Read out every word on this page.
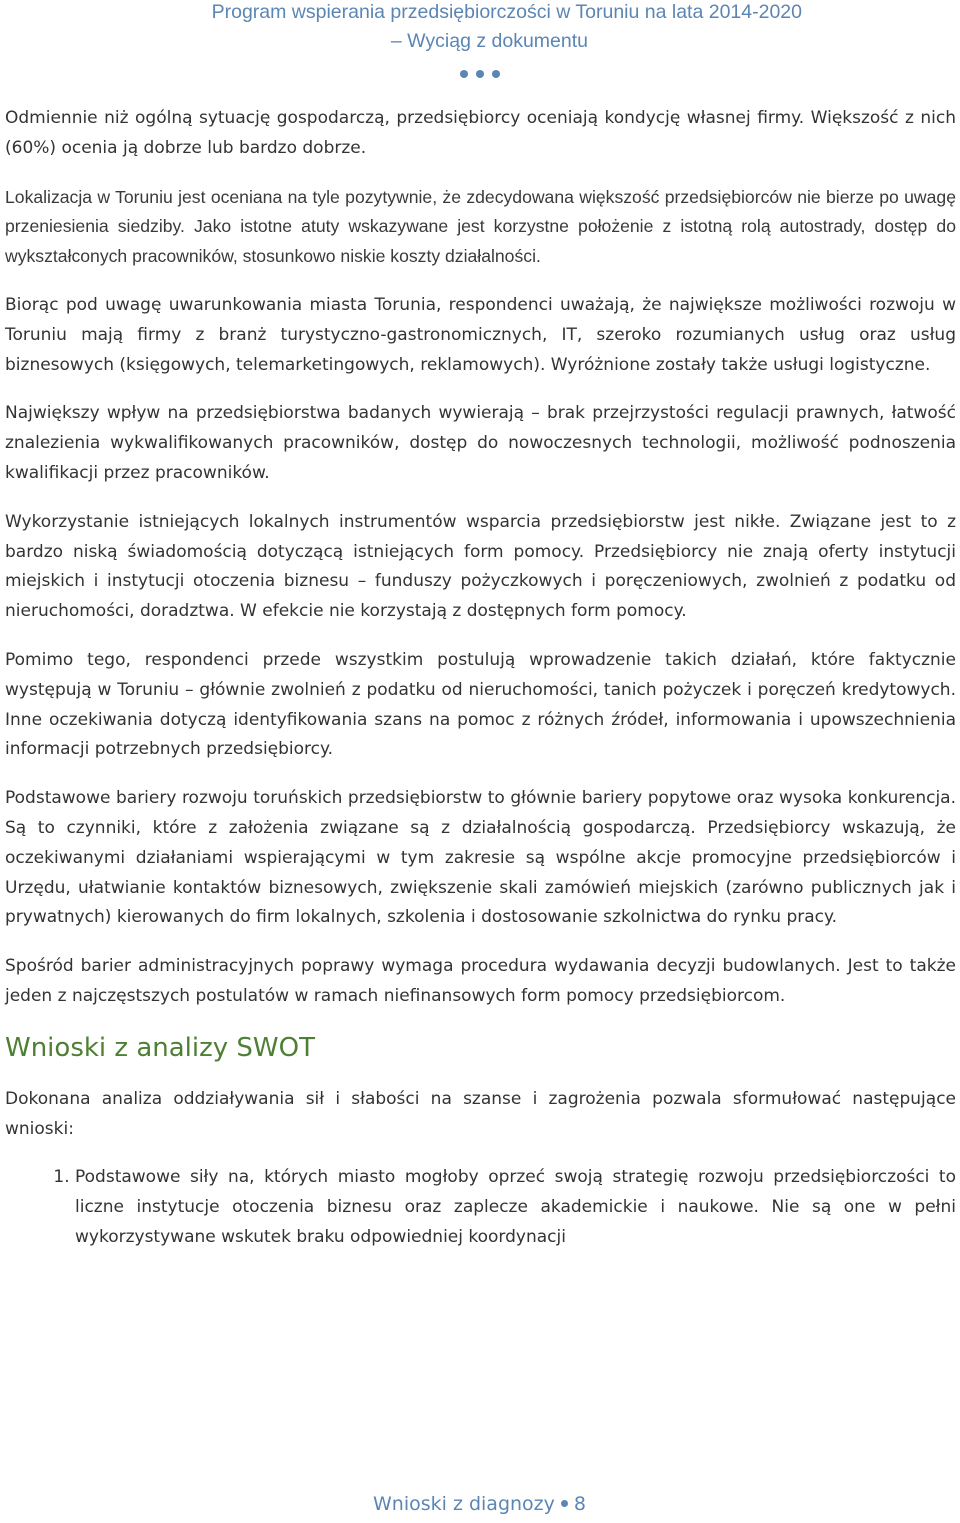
Program wspierania przedsiębiorczości w Toruniu na lata 2014-2020
– Wyciąg z dokumentu

Odmiennie niż ogólną sytuację gospodarczą, przedsiębiorcy oceniają kondycję własnej firmy. Większość z nich (60%) ocenia ją dobrze lub bardzo dobrze.

Lokalizacja w Toruniu jest oceniana na tyle pozytywnie, że zdecydowana większość przedsiębiorców nie bierze po uwagę przeniesienia siedziby. Jako istotne atuty wskazywane jest korzystne położenie z istotną rolą autostrady, dostęp do wykształconych pracowników, stosunkowo niskie koszty działalności.

Biorąc pod uwagę uwarunkowania miasta Torunia, respondenci uważają, że największe możliwości rozwoju w Toruniu mają firmy z branż turystyczno-gastronomicznych, IT, szeroko rozumianych usług oraz usług biznesowych (księgowych, telemarketingowych, reklamowych). Wyróżnione zostały także usługi logistyczne.

Największy wpływ na przedsiębiorstwa badanych wywierają – brak przejrzystości regulacji prawnych, łatwość znalezienia wykwalifikowanych pracowników, dostęp do nowoczesnych technologii, możliwość podnoszenia kwalifikacji przez pracowników.

Wykorzystanie istniejących lokalnych instrumentów wsparcia przedsiębiorstw jest nikłe. Związane jest to z bardzo niską świadomością dotyczącą istniejących form pomocy. Przedsiębiorcy nie znają oferty instytucji miejskich i instytucji otoczenia biznesu – funduszy pożyczkowych i poręczeniowych, zwolnień z podatku od nieruchomości, doradztwa. W efekcie nie korzystają z dostępnych form pomocy.

Pomimo tego, respondenci przede wszystkim postulują wprowadzenie takich działań, które faktycznie występują w Toruniu – głównie zwolnień z podatku od nieruchomości, tanich pożyczek i poręczeń kredytowych. Inne oczekiwania dotyczą identyfikowania szans na pomoc z różnych źródeł, informowania i upowszechnienia informacji potrzebnych przedsiębiorcy.

Podstawowe bariery rozwoju toruńskich przedsiębiorstw to głównie bariery popytowe oraz wysoka konkurencja. Są to czynniki, które z założenia związane są z działalnością gospodarczą. Przedsiębiorcy wskazują, że oczekiwanymi działaniami wspierającymi w tym zakresie są wspólne akcje promocyjne przedsiębiorców i Urzędu, ułatwianie kontaktów biznesowych, zwiększenie skali zamówień miejskich (zarówno publicznych jak i prywatnych) kierowanych do firm lokalnych, szkolenia i dostosowanie szkolnictwa do rynku pracy.

Spośród barier administracyjnych poprawy wymaga procedura wydawania decyzji budowlanych. Jest to także jeden z najczęstszych postulatów w ramach niefinansowych form pomocy przedsiębiorcom.

Wnioski z analizy SWOT

Dokonana analiza oddziaływania sił i słabości na szanse i zagrożenia pozwala sformułować następujące wnioski:

1. Podstawowe siły na, których miasto mogłoby oprzeć swoją strategię rozwoju przedsiębiorczości to liczne instytucje otoczenia biznesu oraz zaplecze akademickie i naukowe. Nie są one w pełni wykorzystywane wskutek braku odpowiedniej koordynacji
Wnioski z diagnozy 8
